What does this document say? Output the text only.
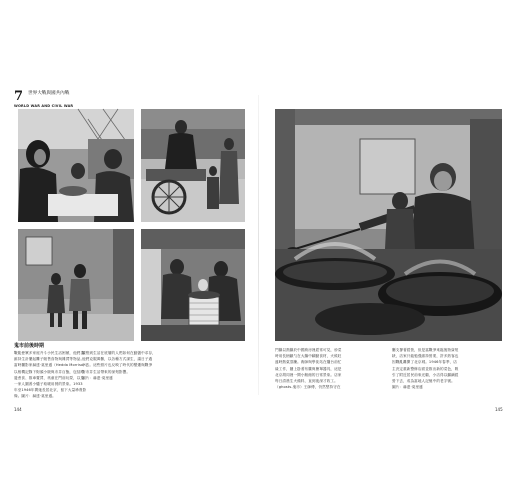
7 世界大戰與國共內戰
WORLD WAR AND CIVIL WAR
鬼市前後時期
戰亂使眾多家庭升斗小民生活困頓，他們為
維持生計擺起攤子販售食物與雜貨等物品。
當時攝影家赫達·莫里遜（Hedda Morrison）
以相機記錄下街頭小販與市井百態，包括路
邊煮食、推車賣貨、孩童在門前玩耍，以及
一家人圍著小爐子取暖用餐的景象。1933
年至1946年間她長居北京，留下大量珍貴影
像。圖片：赫達·莫里遜。
觀察到生活在底層的人們如何在動盪中求存，
他們克服萬難，以各種方式謀生，讓日子過
下去。這些照片也反映了時代的變遷與戰爭
對市井生活帶來的深刻影響。
圖片：赫達·莫里遜
144
鬥鍋以熱鍋於中國廚房裡經常可見，炒菜
時用長柄鐵勺在大鍋中翻動食材，火候旺
盛時熱氣蒸騰。廚師與學徒站在爐台前忙
碌工作，牆上掛著布簾與簡單器具，這是
北京胡同裡一間小飯館的日常景象。店家
每日清晨生火備料，直到夜深才收工。
（ghosts‑鬼市）王師傅，仍然堅持守在
廳支撐著經營，但是當戰爭來臨後物資短
缺，店家只能勉強維持營業，許多熟客也
因戰亂離開了北京城。1946年春季，店
主決定重新整修店面並推出新的菜色，吸
引了附近居民前來光顧，小店得以繼續經
營下去，成為當地人記憶中的老字號。
圖片：赫達·莫里遜
145
